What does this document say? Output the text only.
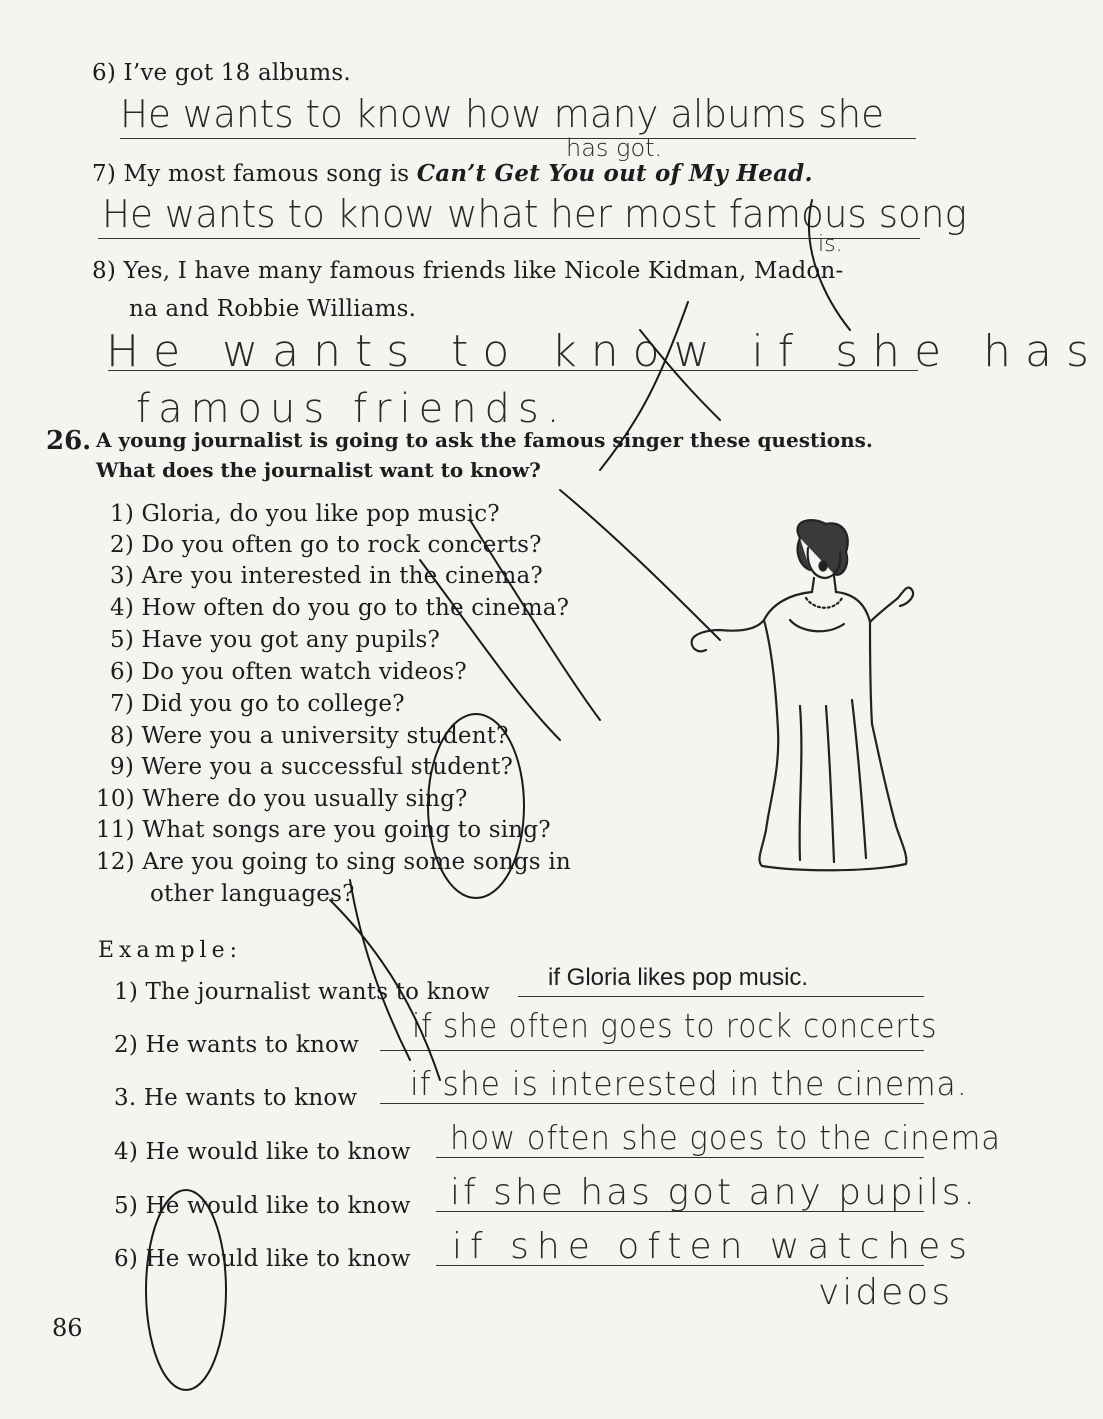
6) I’ve got 18 albums.
7) My most famous song is Can’t Get You out of My Head.
8) Yes, I have many famous friends like Nicole Kidman, Madon-
na and Robbie Williams.
He wants to know how many albums she
has got.
He wants to know what her most famous song
is.
He wants to know if she has
famous friends.
26. A young journalist is going to ask the famous singer these questions.
What does the journalist want to know?
1) Gloria, do you like pop music?
2) Do you often go to rock concerts?
3) Are you interested in the cinema?
4) How often do you go to the cinema?
5) Have you got any pupils?
6) Do you often watch videos?
7) Did you go to college?
8) Were you a university student?
9) Were you a successful student?
10) Where do you usually sing?
11) What songs are you going to sing?
12) Are you going to sing some songs in
other languages?
Example:
1) The journalist wants to know
2) He wants to know
3. He wants to know
4) He would like to know
5) He would like to know
6) He would like to know
if Gloria likes pop music.
if she often goes to rock concerts
if she is interested in the cinema.
how often she goes to the cinema
if she has got any pupils.
if she often watches
videos
86
